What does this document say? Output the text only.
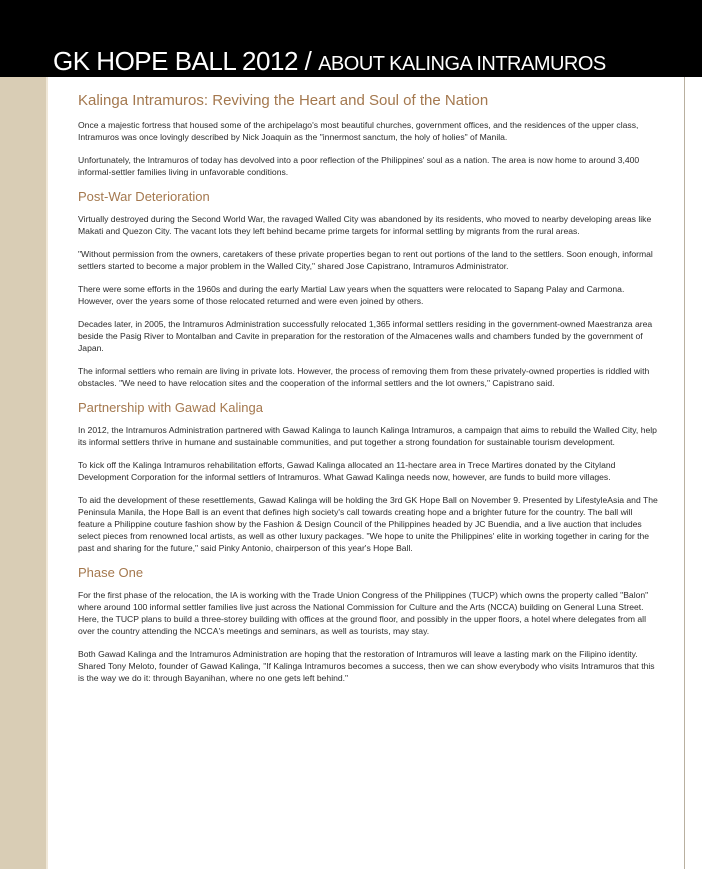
GK HOPE BALL 2012 / ABOUT KALINGA INTRAMUROS
Kalinga Intramuros: Reviving the Heart and Soul of the Nation

Once a majestic fortress that housed some of the archipelago's most beautiful churches, government offices, and the residences of the upper class, Intramuros was once lovingly described by Nick Joaquin as the "innermost sanctum, the holy of holies" of Manila.

Unfortunately, the Intramuros of today has devolved into a poor reflection of the Philippines' soul as a nation. The area is now home to around 3,400 informal-settler families living in unfavorable conditions.

Post-War Deterioration

Virtually destroyed during the Second World War, the ravaged Walled City was abandoned by its residents, who moved to nearby developing areas like Makati and Quezon City. The vacant lots they left behind became prime targets for informal settling by migrants from the rural areas.

"Without permission from the owners, caretakers of these private properties began to rent out portions of the land to the settlers. Soon enough, informal settlers started to become a major problem in the Walled City," shared Jose Capistrano, Intramuros Administrator.

There were some efforts in the 1960s and during the early Martial Law years when the squatters were relocated to Sapang Palay and Carmona. However, over the years some of those relocated returned and were even joined by others.

Decades later, in 2005, the Intramuros Administration successfully relocated 1,365 informal settlers residing in the government-owned Maestranza area beside the Pasig River to Montalban and Cavite in preparation for the restoration of the Almacenes walls and chambers funded by the government of Japan.

The informal settlers who remain are living in private lots. However, the process of removing them from these privately-owned properties is riddled with obstacles. "We need to have relocation sites and the cooperation of the informal settlers and the lot owners," Capistrano said.

Partnership with Gawad Kalinga

In 2012, the Intramuros Administration partnered with Gawad Kalinga to launch Kalinga Intramuros, a campaign that aims to rebuild the Walled City, help its informal settlers thrive in humane and sustainable communities, and put together a strong foundation for sustainable tourism development.

To kick off the Kalinga Intramuros rehabilitation efforts, Gawad Kalinga allocated an 11-hectare area in Trece Martires donated by the Cityland Development Corporation for the informal settlers of Intramuros. What Gawad Kalinga needs now, however, are funds to build more villages.

To aid the development of these resettlements, Gawad Kalinga will be holding the 3rd GK Hope Ball on November 9. Presented by LifestyleAsia and The Peninsula Manila, the Hope Ball is an event that defines high society's call towards creating hope and a brighter future for the country. The ball will feature a Philippine couture fashion show by the Fashion & Design Council of the Philippines headed by JC Buendia, and a live auction that includes select pieces from renowned local artists, as well as other luxury packages. "We hope to unite the Philippines' elite in working together in caring for the past and sharing for the future," said Pinky Antonio, chairperson of this year's Hope Ball.

Phase One

For the first phase of the relocation, the IA is working with the Trade Union Congress of the Philippines (TUCP) which owns the property called "Balon" where around 100 informal settler families live just across the National Commission for Culture and the Arts (NCCA) building on General Luna Street. Here, the TUCP plans to build a three-storey building with offices at the ground floor, and possibly in the upper floors, a hotel where delegates from all over the country attending the NCCA's meetings and seminars, as well as tourists, may stay.

Both Gawad Kalinga and the Intramuros Administration are hoping that the restoration of Intramuros will leave a lasting mark on the Filipino identity. Shared Tony Meloto, founder of Gawad Kalinga, "If Kalinga Intramuros becomes a success, then we can show everybody who visits Intramuros that this is the way we do it: through Bayanihan, where no one gets left behind."
